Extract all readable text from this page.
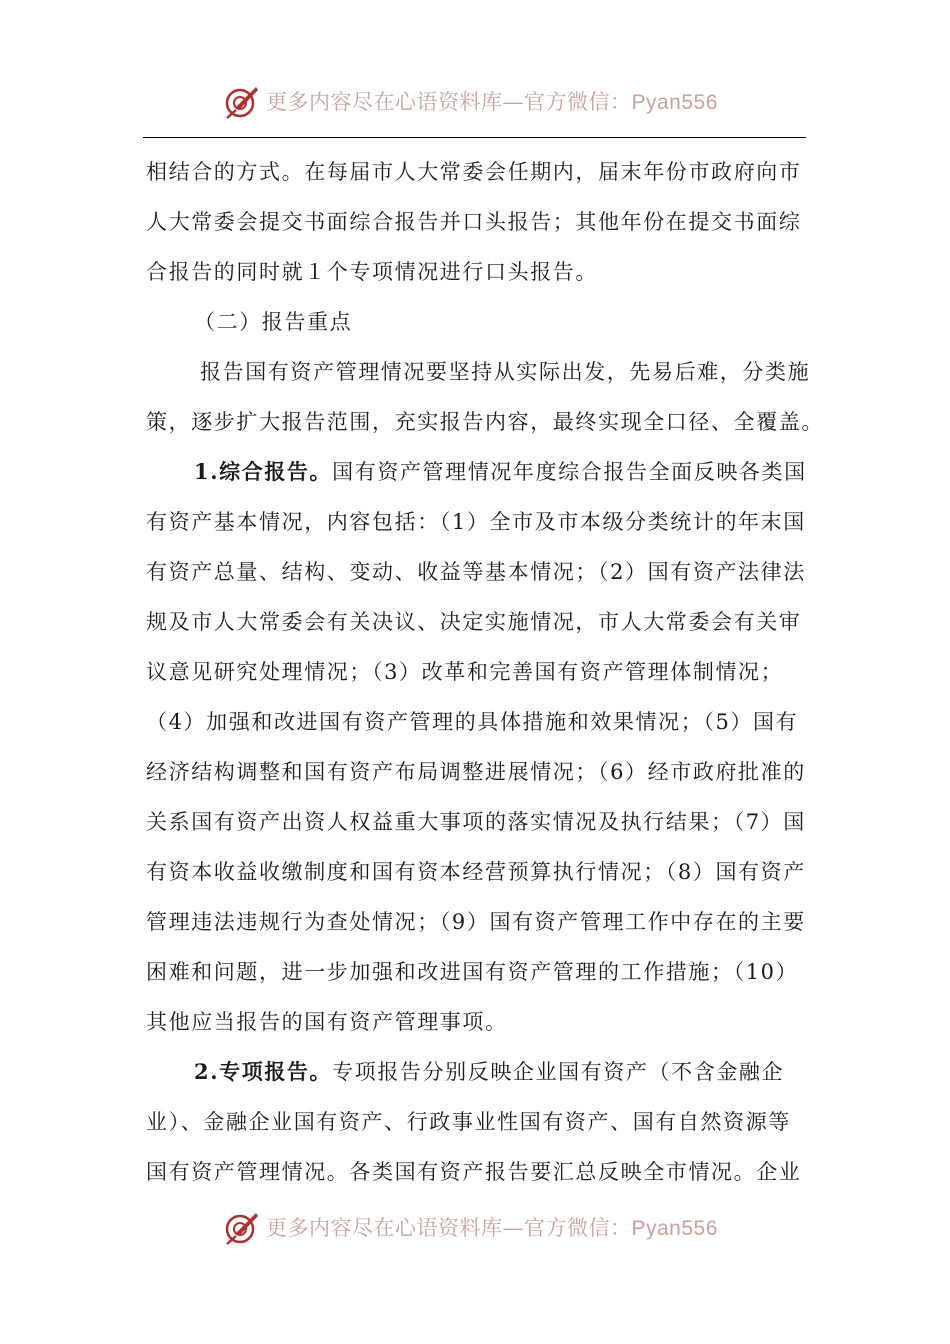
更多内容尽在心语资料库—官方微信：Pyan556
相结合的方式。在每届市人大常委会任期内，届末年份市政府向市
人大常委会提交书面综合报告并口头报告；其他年份在提交书面综
合报告的同时就１个专项情况进行口头报告。
（二）报告重点
报告国有资产管理情况要坚持从实际出发，先易后难，分类施
策，逐步扩大报告范围，充实报告内容，最终实现全口径、全覆盖。
1.综合报告。国有资产管理情况年度综合报告全面反映各类国
有资产基本情况，内容包括：（1）全市及市本级分类统计的年末国
有资产总量、结构、变动、收益等基本情况；（2）国有资产法律法
规及市人大常委会有关决议、决定实施情况，市人大常委会有关审
议意见研究处理情况；（3）改革和完善国有资产管理体制情况；
（4）加强和改进国有资产管理的具体措施和效果情况；（5）国有
经济结构调整和国有资产布局调整进展情况；（6）经市政府批准的
关系国有资产出资人权益重大事项的落实情况及执行结果；（7）国
有资本收益收缴制度和国有资本经营预算执行情况；（8）国有资产
管理违法违规行为查处情况；（9）国有资产管理工作中存在的主要
困难和问题，进一步加强和改进国有资产管理的工作措施；（10）
其他应当报告的国有资产管理事项。
2.专项报告。专项报告分别反映企业国有资产（不含金融企
业）、金融企业国有资产、行政事业性国有资产、国有自然资源等
国有资产管理情况。各类国有资产报告要汇总反映全市情况。企业
更多内容尽在心语资料库—官方微信：Pyan556
